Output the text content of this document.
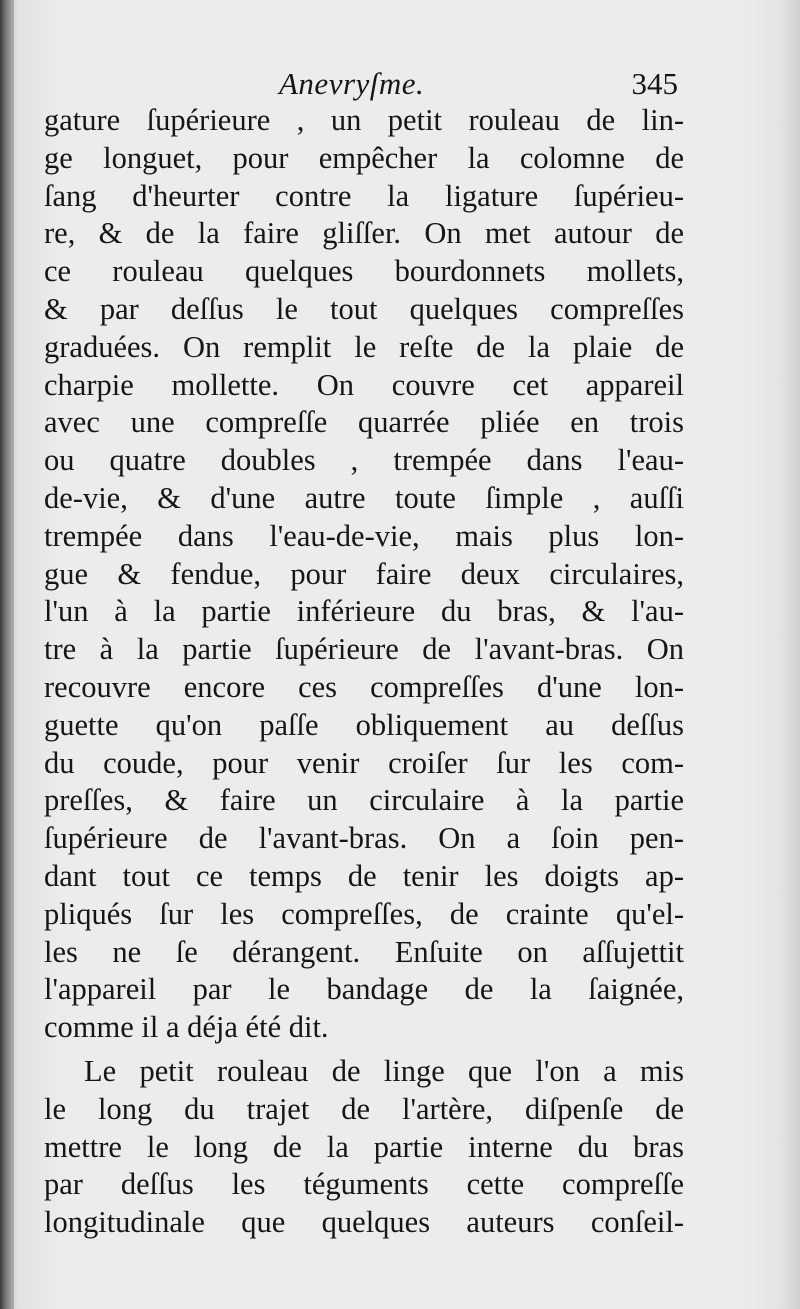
Anevryſme.	345
gature ſupérieure , un petit rouleau de lin-
ge longuet, pour empêcher la colomne de
ſang d'heurter contre la ligature ſupérieu-
re, & de la faire gliſſer. On met autour de
ce rouleau quelques bourdonnets mollets,
& par deſſus le tout quelques compreſſes
graduées. On remplit le reſte de la plaie de
charpie mollette. On couvre cet appareil
avec une compreſſe quarrée pliée en trois
ou quatre doubles , trempée dans l'eau-
de-vie, & d'une autre toute ſimple , auſſi
trempée dans l'eau-de-vie, mais plus lon-
gue & fendue, pour faire deux circulaires,
l'un à la partie inférieure du bras, & l'au-
tre à la partie ſupérieure de l'avant-bras. On
recouvre encore ces compreſſes d'une lon-
guette qu'on paſſe obliquement au deſſus
du coude, pour venir croiſer ſur les com-
preſſes, & faire un circulaire à la partie
ſupérieure de l'avant-bras. On a ſoin pen-
dant tout ce temps de tenir les doigts ap-
pliqués ſur les compreſſes, de crainte qu'el-
les ne ſe dérangent. Enſuite on aſſujettit
l'appareil par le bandage de la ſaignée,
comme il a déja été dit.
Le petit rouleau de linge que l'on a mis
le long du trajet de l'artère, diſpenſe de
mettre le long de la partie interne du bras
par deſſus les téguments cette compreſſe
longitudinale que quelques auteurs conſeil-
